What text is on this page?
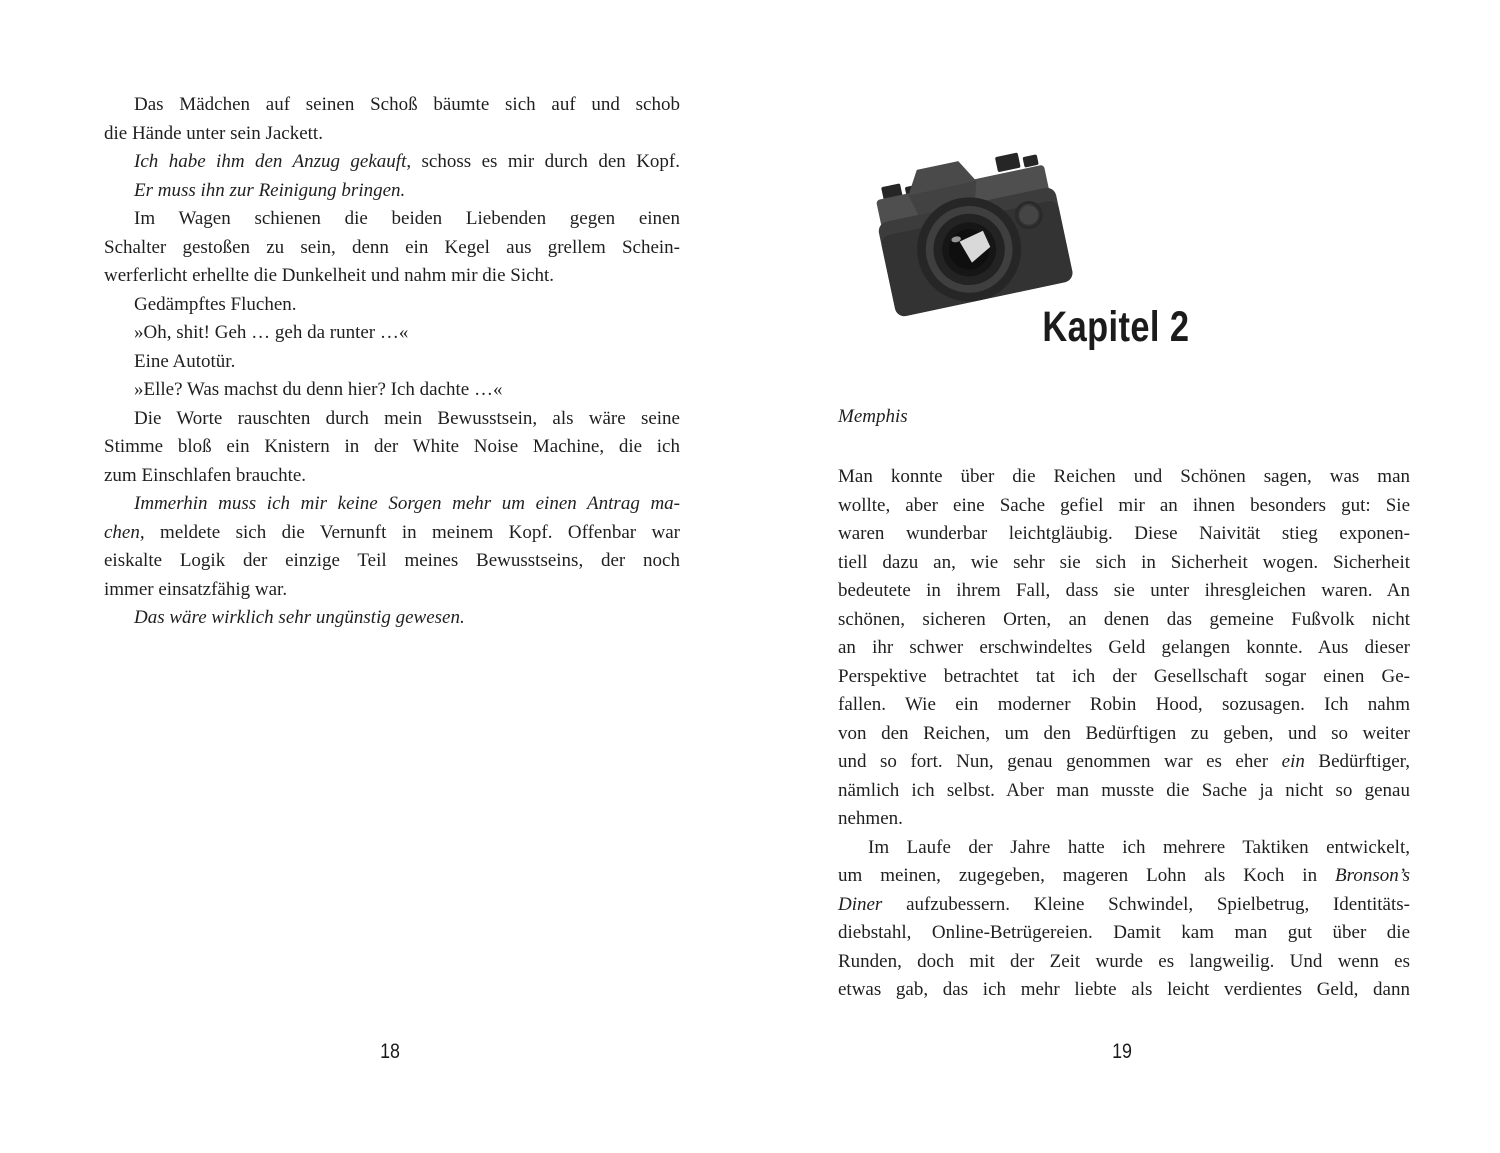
Das Mädchen auf seinen Schoß bäumte sich auf und schob
die Hände unter sein Jackett.
Ich habe ihm den Anzug gekauft, schoss es mir durch den Kopf.
Er muss ihn zur Reinigung bringen.
Im Wagen schienen die beiden Liebenden gegen einen
Schalter gestoßen zu sein, denn ein Kegel aus grellem Schein-
werferlicht erhellte die Dunkelheit und nahm mir die Sicht.
Gedämpftes Fluchen.
»Oh, shit! Geh … geh da runter …«
Eine Autotür.
»Elle? Was machst du denn hier? Ich dachte …«
Die Worte rauschten durch mein Bewusstsein, als wäre seine
Stimme bloß ein Knistern in der White Noise Machine, die ich
zum Einschlafen brauchte.
Immerhin muss ich mir keine Sorgen mehr um einen Antrag ma-
chen, meldete sich die Vernunft in meinem Kopf. Offenbar war
eiskalte Logik der einzige Teil meines Bewusstseins, der noch
immer einsatzfähig war.
Das wäre wirklich sehr ungünstig gewesen.
18
Kapitel 2
Memphis
Man konnte über die Reichen und Schönen sagen, was man
wollte, aber eine Sache gefiel mir an ihnen besonders gut: Sie
waren wunderbar leichtgläubig. Diese Naivität stieg exponen-
tiell dazu an, wie sehr sie sich in Sicherheit wogen. Sicherheit
bedeutete in ihrem Fall, dass sie unter ihresgleichen waren. An
schönen, sicheren Orten, an denen das gemeine Fußvolk nicht
an ihr schwer erschwindeltes Geld gelangen konnte. Aus dieser
Perspektive betrachtet tat ich der Gesellschaft sogar einen Ge-
fallen. Wie ein moderner Robin Hood, sozusagen. Ich nahm
von den Reichen, um den Bedürftigen zu geben, und so weiter
und so fort. Nun, genau genommen war es eher ein Bedürftiger,
nämlich ich selbst. Aber man musste die Sache ja nicht so genau
nehmen.
Im Laufe der Jahre hatte ich mehrere Taktiken entwickelt,
um meinen, zugegeben, mageren Lohn als Koch in Bronson’s
Diner aufzubessern. Kleine Schwindel, Spielbetrug, Identitäts-
diebstahl, Online-Betrügereien. Damit kam man gut über die
Runden, doch mit der Zeit wurde es langweilig. Und wenn es
etwas gab, das ich mehr liebte als leicht verdientes Geld, dann
19
